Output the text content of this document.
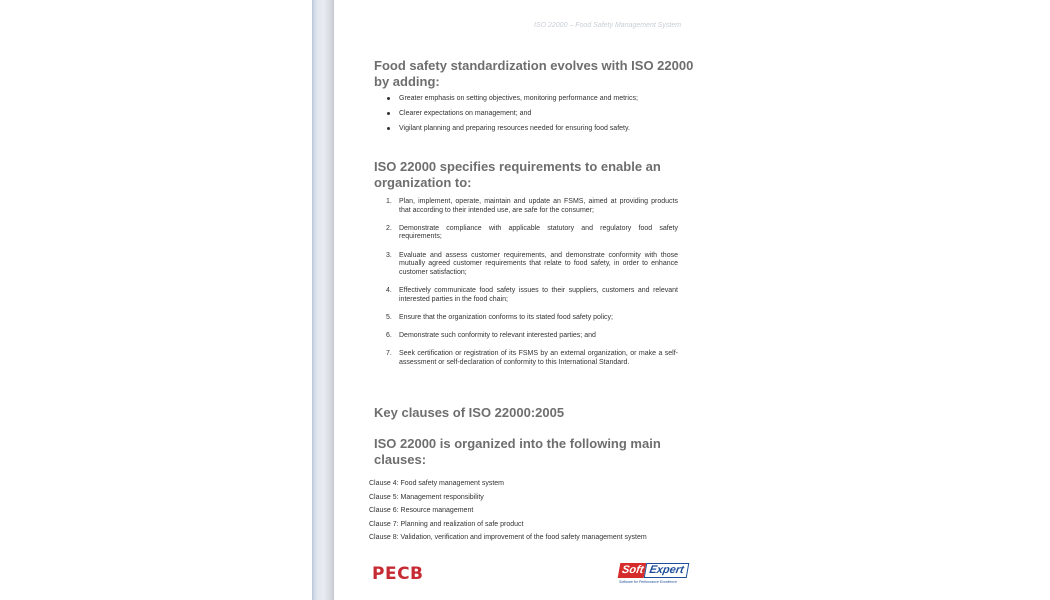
ISO 22000 – Food Safety Management System
Food safety standardization evolves with ISO 22000 by adding:
Greater emphasis on setting objectives, monitoring performance and metrics;
Clearer expectations on management; and
Vigilant planning and preparing resources needed for ensuring food safety.
ISO 22000 specifies requirements to enable an organization to:
1.	Plan, implement, operate, maintain and update an FSMS, aimed at providing products that according to their intended use, are safe for the consumer;
2.	Demonstrate compliance with applicable statutory and regulatory food safety requirements;
3.	Evaluate and assess customer requirements, and demonstrate conformity with those mutually agreed customer requirements that relate to food safety, in order to enhance customer satisfaction;
4.	Effectively communicate food safety issues to their suppliers, customers and relevant interested parties in the food chain;
5.	Ensure that the organization conforms to its stated food safety policy;
6.	Demonstrate such conformity to relevant interested parties; and
7.	Seek certification or registration of its FSMS by an external organization, or make a self-assessment or self-declaration of conformity to this International Standard.
Key clauses of ISO 22000:2005
ISO 22000 is organized into the following main clauses:
Clause 4: Food safety management system
Clause 5: Management responsibility
Clause 6: Resource management
Clause 7: Planning and realization of safe product
Clause 8: Validation, verification and improvement of the food safety management system
PECB	Soft Expert
Software for Performance Excellence
